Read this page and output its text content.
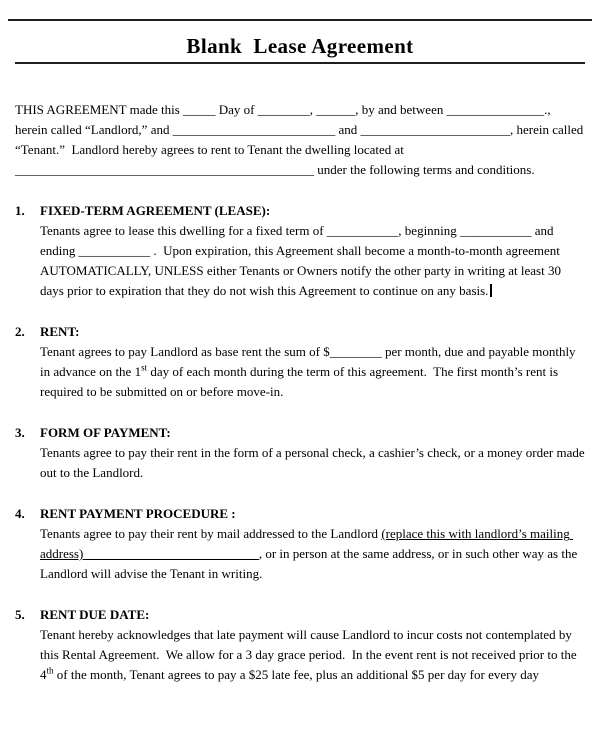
Blank  Lease Agreement

THIS AGREEMENT made this _____ Day of ________, ______, by and between _______________., herein called “Landlord,” and _________________________ and _______________________, herein called “Tenant.”  Landlord hereby agrees to rent to Tenant the dwelling located at ______________________________________________ under the following terms and conditions.

1.	FIXED-TERM AGREEMENT (LEASE):

Tenants agree to lease this dwelling for a fixed term of ___________, beginning ___________ and ending ___________ .  Upon expiration, this Agreement shall become a month-to-month agreement AUTOMATICALLY, UNLESS either Tenants or Owners notify the other party in writing at least 30 days prior to expiration that they do not wish this Agreement to continue on any basis.

2.	RENT:

Tenant agrees to pay Landlord as base rent the sum of $________ per month, due and payable monthly in advance on the 1st day of each month during the term of this agreement.  The first month’s rent is required to be submitted on or before move-in.

3.	FORM OF PAYMENT:

Tenants agree to pay their rent in the form of a personal check, a cashier’s check, or a money order made out to the Landlord.

4.	RENT PAYMENT PROCEDURE :

Tenants agree to pay their rent by mail addressed to the Landlord (replace this with landlord’s mailing address)___________________________, or in person at the same address, or in such other way as the Landlord will advise the Tenant in writing.

5.	RENT DUE DATE:

Tenant hereby acknowledges that late payment will cause Landlord to incur costs not contemplated by this Rental Agreement.  We allow for a 3 day grace period.  In the event rent is not received prior to the 4th of the month, Tenant agrees to pay a $25 late fee, plus an additional $5 per day for every day
